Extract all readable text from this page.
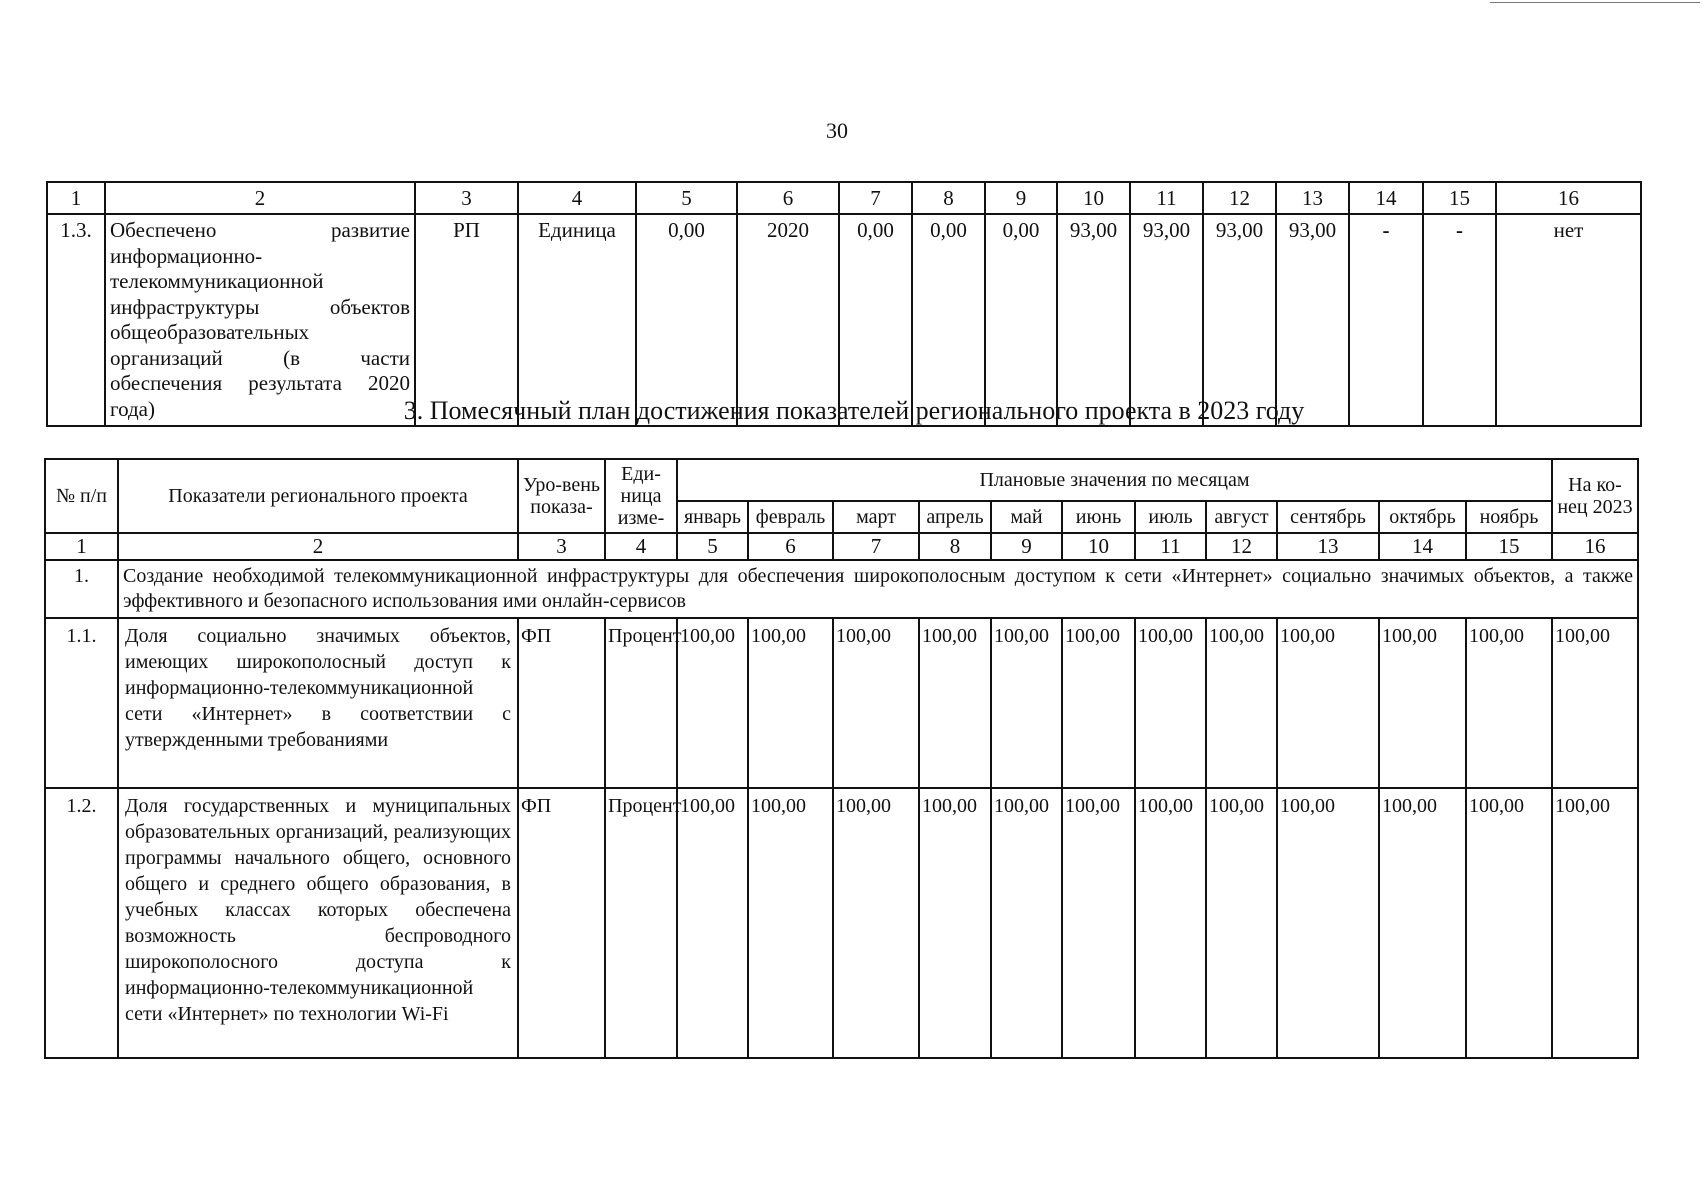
30
1	2	3	4	5	6	7	8	9	10	11	12	13	14	15	16
1.3.	Обеспечено развитие информационно-телекоммуникационной инфраструктуры объектов общеобразовательных организаций (в части обеспечения результата 2020 года)	РП	Единица	0,00	2020	0,00	0,00	0,00	93,00	93,00	93,00	93,00	-	-	нет
3. Помесячный план достижения показателей регионального проекта в 2023 году
№ п/п	Показатели регионального проекта	Уро-вень показа-	Еди-ница изме-	Плановые значения по месяцам											На ко-нец 2023
				январь	февраль	март	апрель	май	июнь	июль	август	сентябрь	октябрь	ноябрь	
1	2	3	4	5	6	7	8	9	10	11	12	13	14	15	16
1.	Создание необходимой телекоммуникационной инфраструктуры для обеспечения широкополосным доступом к сети «Интернет» социально значимых объектов, а также эффективного и безопасного использования ими онлайн-сервисов														
1.1.	Доля социально значимых объектов, имеющих широкополосный доступ к информационно-телекоммуникационной сети «Интернет» в соответствии с утвержденными требованиями	ФП	Процент	100,00	100,00	100,00	100,00	100,00	100,00	100,00	100,00	100,00	100,00	100,00	100,00
1.2.	Доля государственных и муниципальных образовательных организаций, реализующих программы начального общего, основного общего и среднего общего образования, в учебных классах которых обеспечена возможность беспроводного широкополосного доступа к информационно-телекоммуникационной сети «Интернет» по технологии Wi-Fi	ФП	Процент	100,00	100,00	100,00	100,00	100,00	100,00	100,00	100,00	100,00	100,00	100,00	100,00
